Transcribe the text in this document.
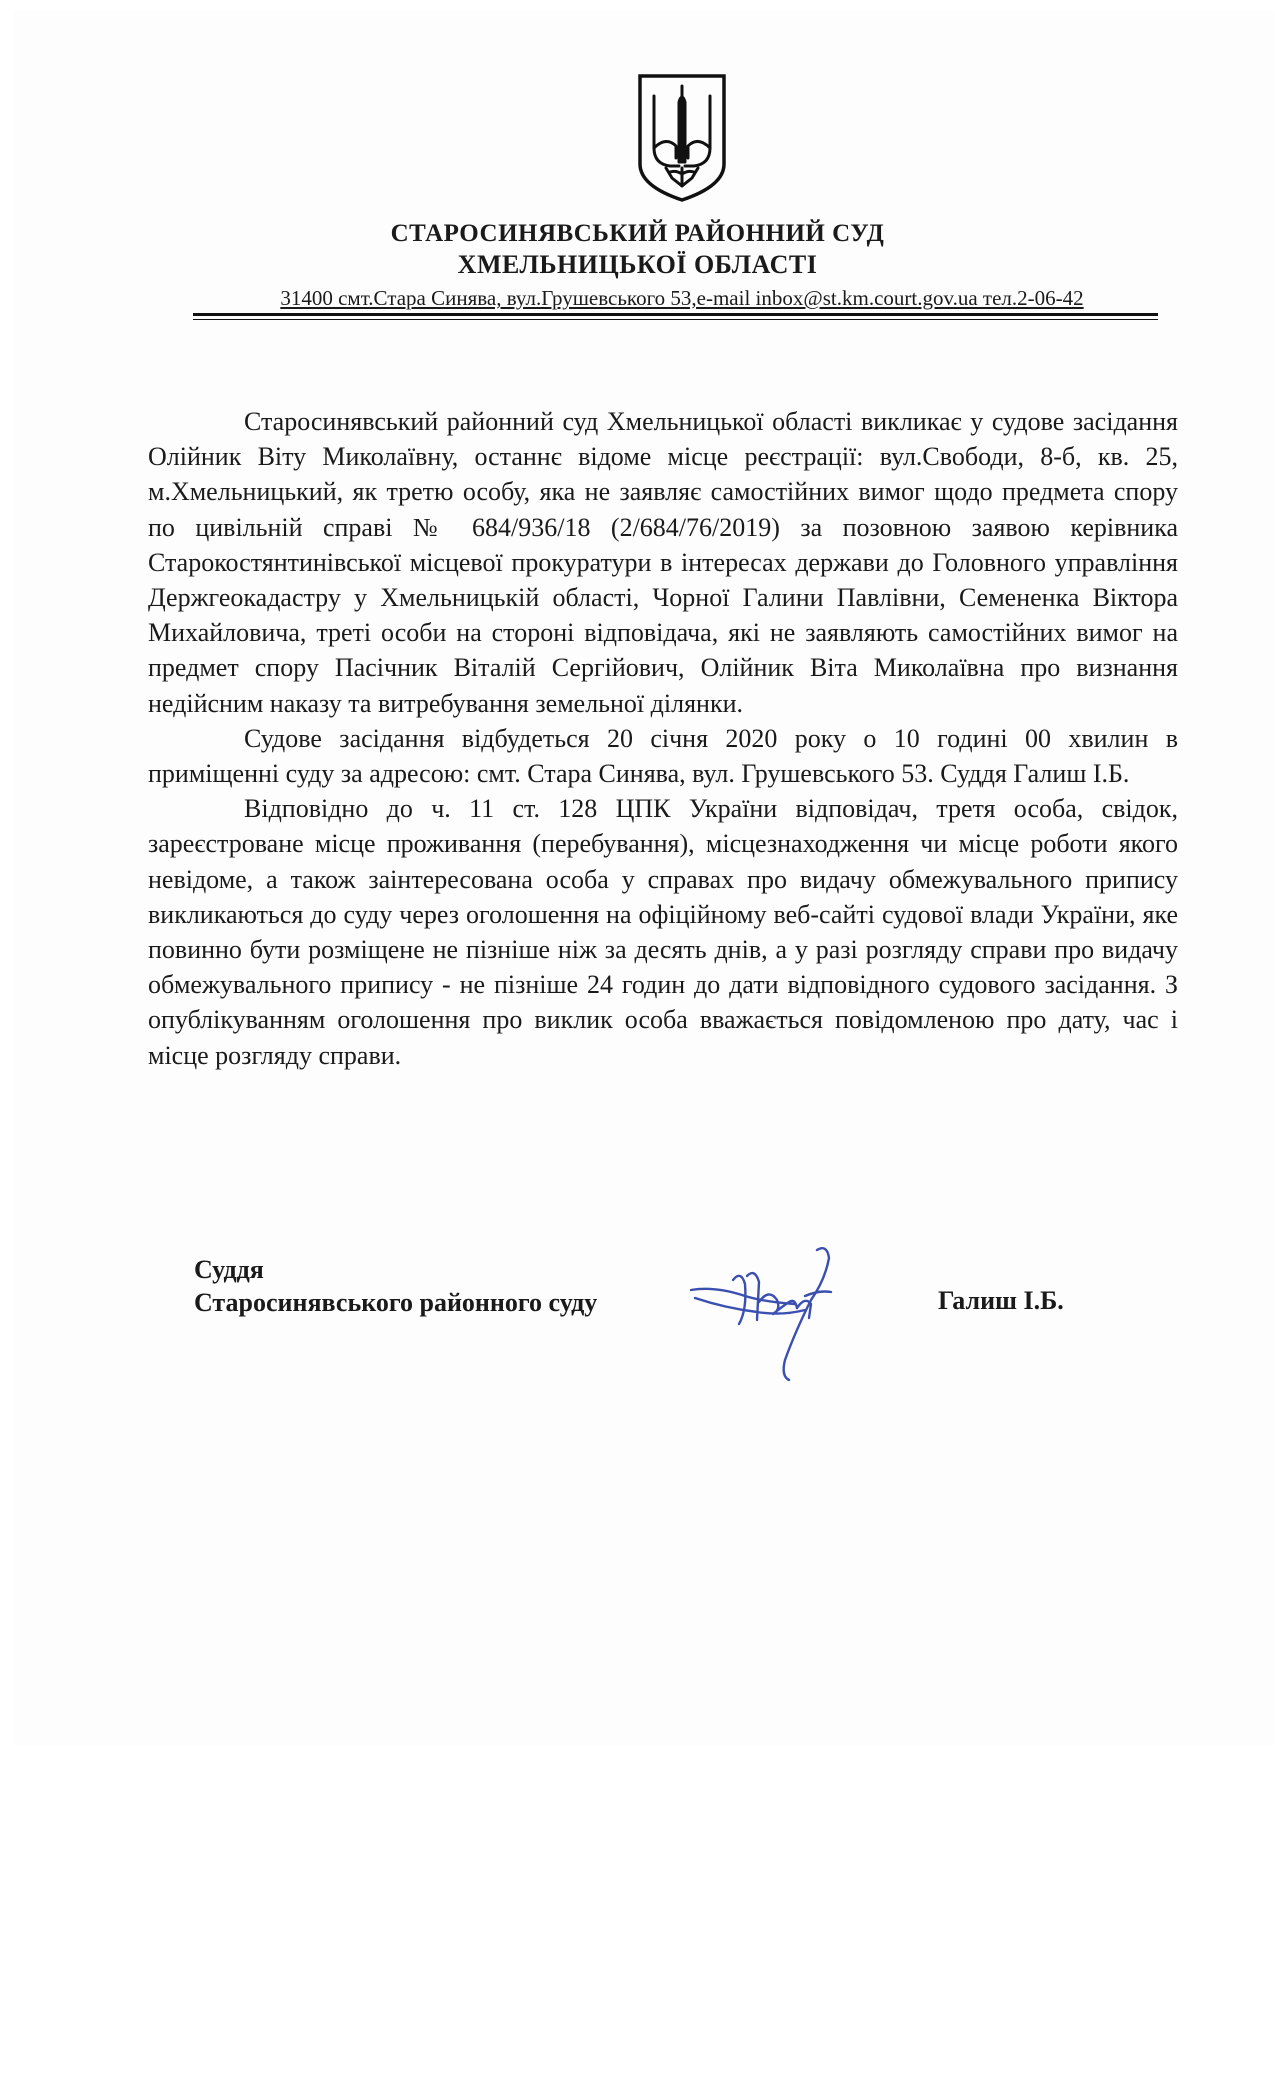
СТАРОСИНЯВСЬКИЙ РАЙОННИЙ СУД
ХМЕЛЬНИЦЬКОЇ ОБЛАСТІ
31400 смт.Стара Синява, вул.Грушевського 53,e-mail inbox@st.km.court.gov.ua тел.2-06-42

Старосинявський районний суд Хмельницької області викликає у судове засідання Олійник Віту Миколаївну, останнє відоме місце реєстрації: вул.Свободи, 8-б, кв. 25, м.Хмельницький, як третю особу, яка не заявляє самостійних вимог щодо предмета спору по цивільній справі № 684/936/18 (2/684/76/2019) за позовною заявою керівника Старокостянтинівської місцевої прокуратури в інтересах держави до Головного управління Держгеокадастру у Хмельницькій області, Чорної Галини Павлівни, Семененка Віктора Михайловича, треті особи на стороні відповідача, які не заявляють самостійних вимог на предмет спору Пасічник Віталій Сергійович, Олійник Віта Миколаївна про визнання недійсним наказу та витребування земельної ділянки.

Судове засідання відбудеться 20 січня 2020 року о 10 годині 00 хвилин в приміщенні суду за адресою: смт. Стара Синява, вул. Грушевського 53. Суддя Галиш І.Б.

Відповідно до ч. 11 ст. 128 ЦПК України відповідач, третя особа, свідок, зареєстроване місце проживання (перебування), місцезнаходження чи місце роботи якого невідоме, а також заінтересована особа у справах про видачу обмежувального припису викликаються до суду через оголошення на офіційному веб-сайті судової влади України, яке повинно бути розміщене не пізніше ніж за десять днів, а у разі розгляду справи про видачу обмежувального припису - не пізніше 24 годин до дати відповідного судового засідання. З опублікуванням оголошення про виклик особа вважається повідомленою про дату, час і місце розгляду справи.

Суддя
Старосинявського районного суду	Галиш І.Б.
